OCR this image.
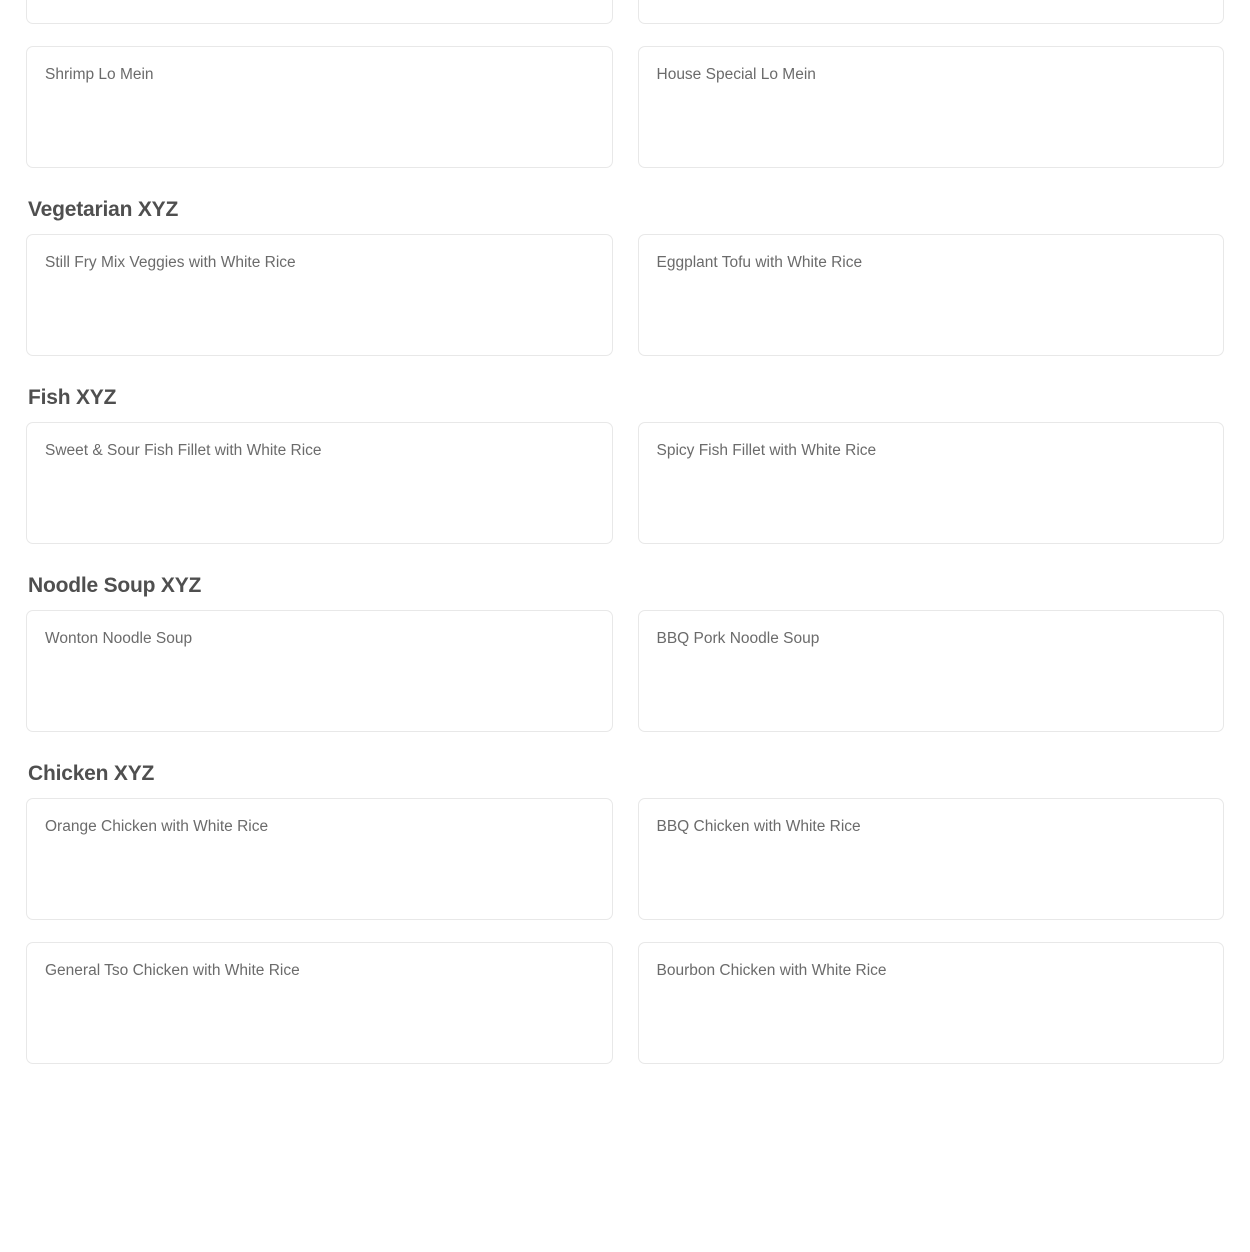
Shrimp Lo Mein	House Special Lo Mein
Vegetarian XYZ
Still Fry Mix Veggies with White Rice	Eggplant Tofu with White Rice
Fish XYZ
Sweet & Sour Fish Fillet with White Rice	Spicy Fish Fillet with White Rice
Noodle Soup XYZ
Wonton Noodle Soup	BBQ Pork Noodle Soup
Chicken XYZ
Orange Chicken with White Rice	BBQ Chicken with White Rice
General Tso Chicken with White Rice	Bourbon Chicken with White Rice
